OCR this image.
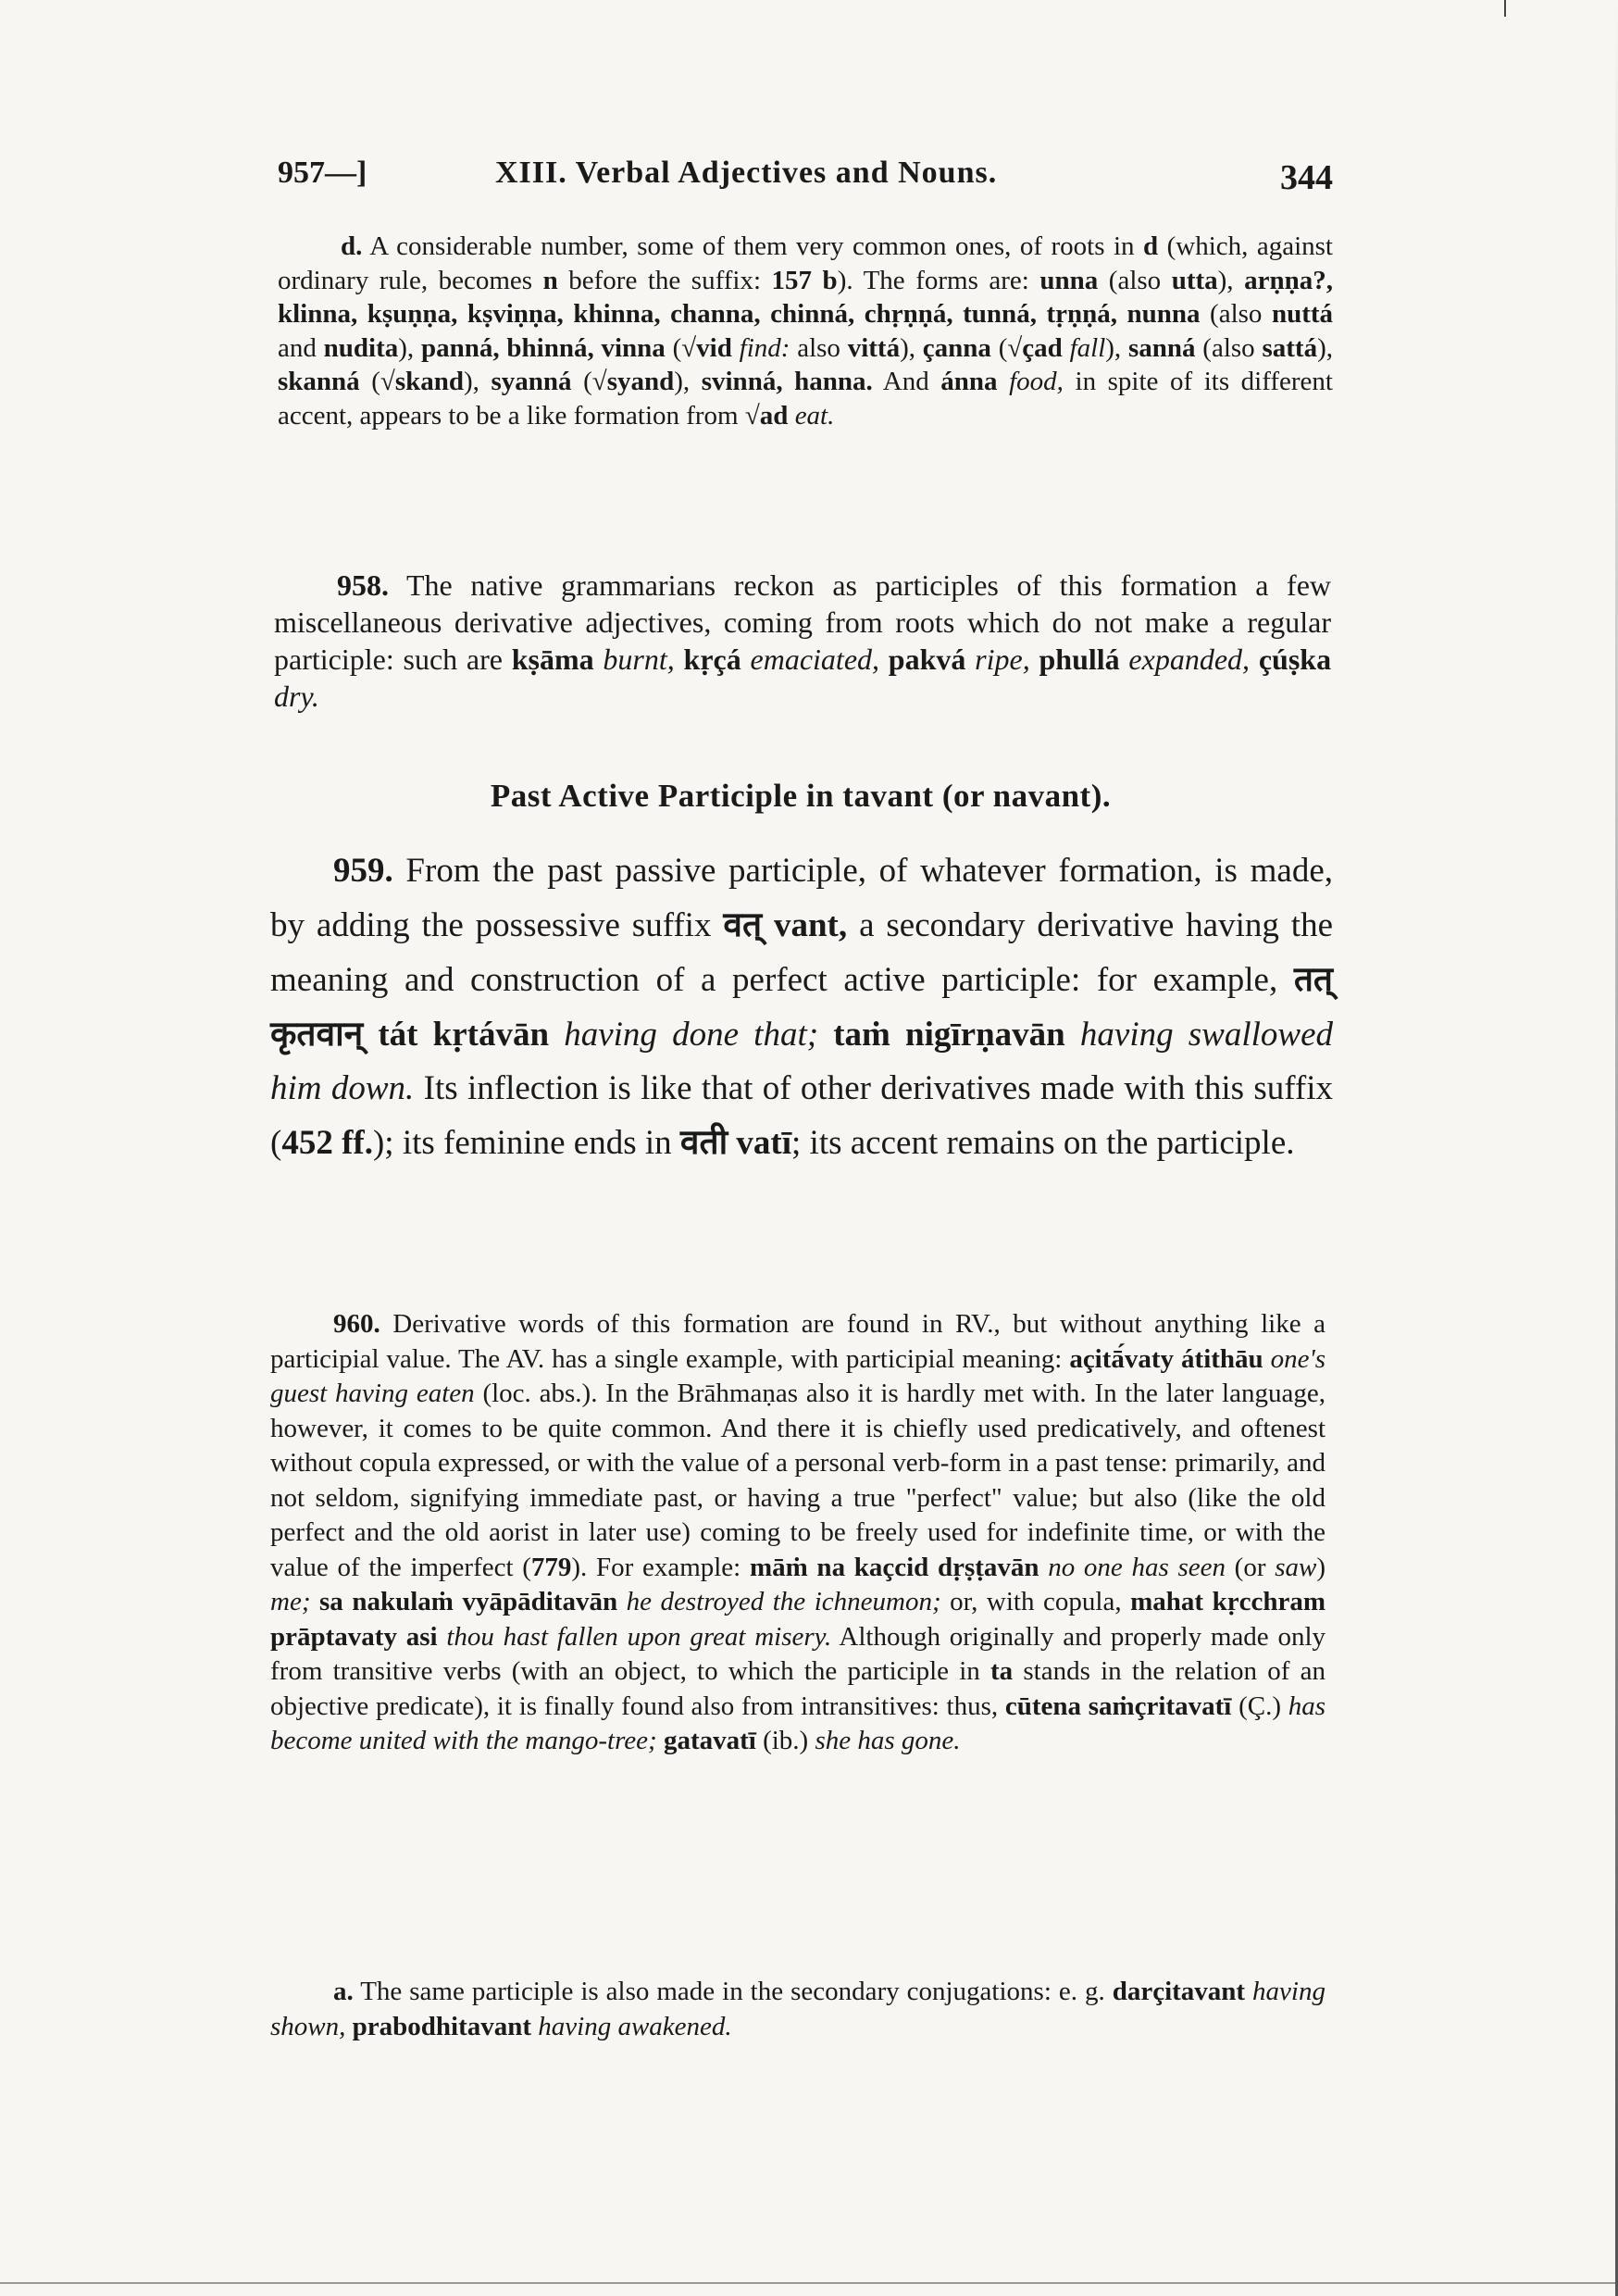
957—]	XIII. Verbal Adjectives and Nouns.	344

d. A considerable number, some of them very common ones, of roots in d (which, against ordinary rule, becomes n before the suffix: 157 b). The forms are: unna (also utta), arṇṇa?, klinna, kṣuṇṇa, kṣviṇṇa, khinna, channa, chinná, chṛṇṇá, tunná, tṛṇṇá, nunna (also nuttá and nudita), panná, bhinná, vinna (√vid find: also vittá), çanna (√çad fall), sanná (also sattá), skanná (√skand), syanná (√syand), svinná, hanna. And ánna food, in spite of its different accent, appears to be a like formation from √ad eat.

958. The native grammarians reckon as participles of this formation a few miscellaneous derivative adjectives, coming from roots which do not make a regular participle: such are kṣāma burnt, kṛçá emaciated, pakvá ripe, phullá expanded, çúṣka dry.

Past Active Participle in tavant (or navant).

959. From the past passive participle, of whatever formation, is made, by adding the possessive suffix वत् vant, a secondary derivative having the meaning and construction of a perfect active participle: for example, तत् कृतवान् tát kṛtávān having done that; taṁ nigīrṇavān having swallowed him down. Its inflection is like that of other derivatives made with this suffix (452 ff.); its feminine ends in वती vatī; its accent remains on the participle.

960. Derivative words of this formation are found in RV., but without anything like a participial value. The AV. has a single example, with participial meaning: açitā́vaty átithāu one's guest having eaten (loc. abs.). In the Brāhmaṇas also it is hardly met with. In the later language, however, it comes to be quite common. And there it is chiefly used predicatively, and oftenest without copula expressed, or with the value of a personal verb-form in a past tense: primarily, and not seldom, signifying immediate past, or having a true "perfect" value; but also (like the old perfect and the old aorist in later use) coming to be freely used for indefinite time, or with the value of the imperfect (779). For example: māṁ na kaçcid dṛṣṭavān no one has seen (or saw) me; sa nakulaṁ vyāpāditavān he destroyed the ichneumon; or, with copula, mahat kṛcchram prāptavaty asi thou hast fallen upon great misery. Although originally and properly made only from transitive verbs (with an object, to which the participle in ta stands in the relation of an objective predicate), it is finally found also from intransitives: thus, cūtena saṁçritavatī (Ç.) has become united with the mango-tree; gatavatī (ib.) she has gone.

a. The same participle is also made in the secondary conjugations: e. g. darçitavant having shown, prabodhitavant having awakened.
